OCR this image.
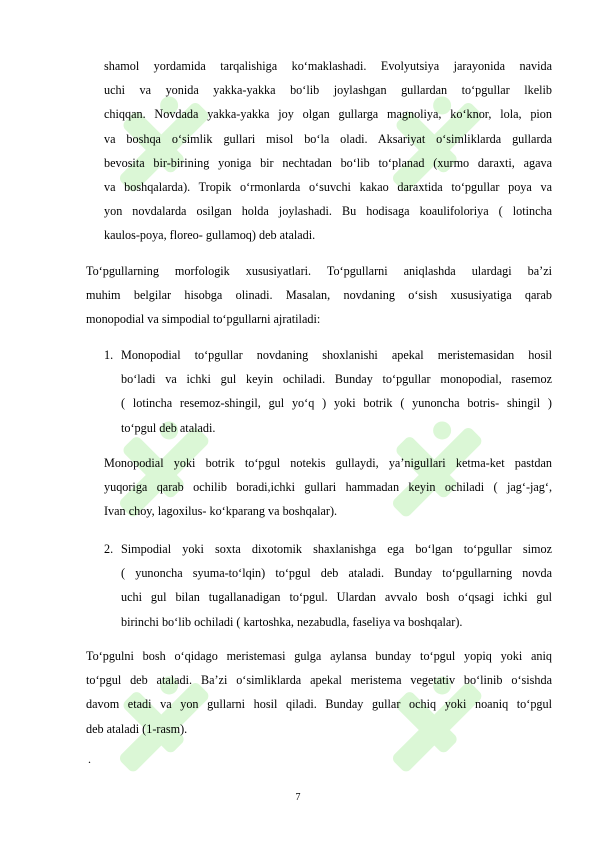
shamol yordamida tarqalishiga ko‘maklashadi. Evolyutsiya jarayonida navida
uchi va yonida yakka-yakka bo‘lib joylashgan gullardan to‘pgullar lkelib
chiqqan. Novdada yakka-yakka joy olgan gullarga magnoliya, ko‘knor, lola, pion
va boshqa o‘simlik gullari misol bo‘la oladi. Aksariyat o‘simliklarda gullarda
bevosita bir-birining yoniga bir nechtadan bo‘lib to‘planad (xurmo daraxti, agava
va boshqalarda). Tropik o‘rmonlarda o‘suvchi kakao daraxtida to‘pgullar poya va
yon novdalarda osilgan holda joylashadi. Bu hodisaga koaulifoloriya ( lotincha
kaulos-poya, floreo- gullamoq) deb ataladi.
To‘pgullarning morfologik xususiyatlari. To‘pgullarni aniqlashda ulardagi ba’zi
muhim belgilar hisobga olinadi. Masalan, novdaning o‘sish xususiyatiga qarab
monopodial va simpodial to‘pgullarni ajratiladi:
1. Monopodial to‘pgullar novdaning shoxlanishi apekal meristemasidan hosil
bo‘ladi va ichki gul keyin ochiladi. Bunday to‘pgullar monopodial, rasemoz
( lotincha resemoz-shingil, gul yo‘q ) yoki botrik ( yunoncha botris- shingil )
to‘pgul deb ataladi.
Monopodial yoki botrik to‘pgul notekis gullaydi, ya’nigullari ketma-ket pastdan
yuqoriga qarab ochilib boradi,ichki gullari hammadan keyin ochiladi ( jag‘-jag‘,
Ivan choy, lagoxilus- ko‘kparang va boshqalar).
2. Simpodial yoki soxta dixotomik shaxlanishga ega bo‘lgan to‘pgullar simoz
( yunoncha syuma-to‘lqin) to‘pgul deb ataladi. Bunday to‘pgullarning novda
uchi gul bilan tugallanadigan to‘pgul. Ulardan avvalo bosh o‘qsagi ichki gul
birinchi bo‘lib ochiladi ( kartoshka, nezabudla, faseliya va boshqalar).
To‘pgulni bosh o‘qidago meristemasi gulga aylansa bunday to‘pgul yopiq yoki aniq
to‘pgul deb ataladi. Ba’zi o‘simliklarda apekal meristema vegetativ bo‘linib o‘sishda
davom etadi va yon gullarni hosil qiladi. Bunday gullar ochiq yoki noaniq to‘pgul
deb ataladi (1-rasm).
.
7
